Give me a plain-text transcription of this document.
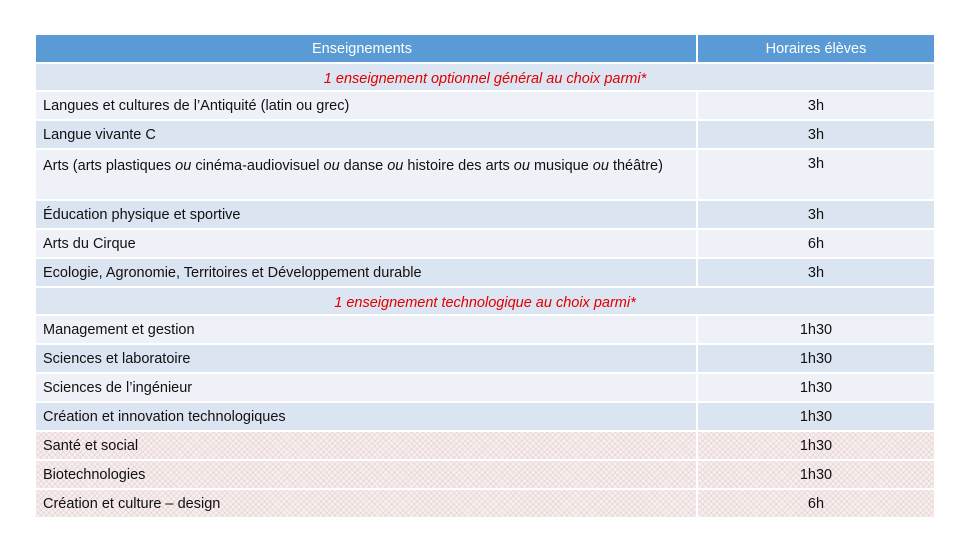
Enseignements	Horaires élèves
1 enseignement optionnel général au choix parmi*
Langues et cultures de l’Antiquité (latin ou grec)	3h
Langue vivante C	3h
Arts (arts plastiques ou cinéma-audiovisuel ou danse ou histoire des arts ou musique ou théâtre)	3h
Éducation physique et sportive	3h
Arts du Cirque	6h
Ecologie, Agronomie, Territoires et Développement durable	3h
1 enseignement technologique au choix parmi*
Management et gestion	1h30
Sciences et laboratoire	1h30
Sciences de l’ingénieur	1h30
Création et innovation technologiques	1h30
Santé et social	1h30
Biotechnologies	1h30
Création et culture – design	6h
